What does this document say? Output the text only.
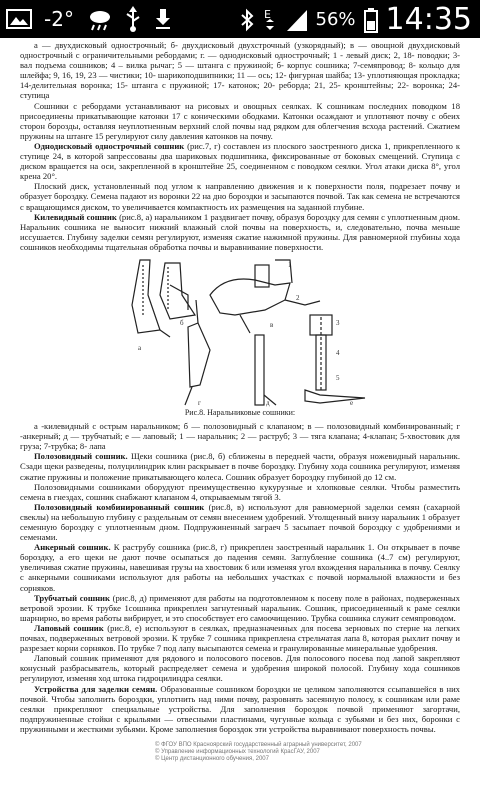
-2°	E	56% 14:35

а — двухдисковый однострочный; б- двухдисковый двухстрочный (узкорядный); в — овощной двухдисковый однострочный с ограничительными ребордами; г. — однодисковый однострочный; 1 - левый диск; 2, 18- поводки; 3- вал подъема сошников; 4 – вилка рычаг; 5 — штанга с пружиной; б- корпус сошника; 7-семяпровод; 8- кольцо для шлейфа; 9, 16, 19, 23 — чистики; 10- шарикоподшипники; 11 — ось; 12- фигурная шайба; 13- уплотняющая прокладка; 14-делительная воронка; 15- штанга с пружиной; 17- катонок; 20- реборда; 21, 25- кронштейны; 22- воронка; 24- ступица

Сошники с ребордами устанавливают на рисовых и овощных сеялках. К сошникам последних поводком 18 присоединены прикатывающие катонки 17 с коническими ободками. Катонки осаждают и уплотняют почву с обеих сторон борозды, оставляя неуплотненным верхний слой почвы над рядком для облегчения всхода растений. Сжатием пружины на штанге 15 регулируют силу давления катонков на почву.

Однодисковый однострочный сошник (рис.7, г) составлен из плоского заостренного диска 1, прикрепленного к ступице 24, в которой запрессованы два шариковых подшипника, фиксированные от боковых смещений. Ступица с диском вращается на оси, закрепленной в кронштейне 25, соединенном с поводком сеялки. Угол атаки диска 8°, угол крена 20°.

Плоский диск, установленный под углом к направлению движения и к поверхности поля, подрезает почву и образует бороздку. Семена падают из воронки 22 на дно бороздки и засыпаются почвой. Так как семена не встречаются с вращающимся диском, то увеличивается компактность их размещения на заданной глубине.

Килевидный сошник (рис.8, а) наральником 1 раздвигает почву, образуя бороздку для семян с уплотненным дном. Наральник сошника не выносит нижний влажный слой почвы на поверхность, и, следовательно, почва меньше иссушается. Глубину заделки семян регулируют, изменяя сжатие нажимной пружины. Для равномерной глубины хода сошников необходимы тщательная обработка почвы и выравнивание поверхности.

a
б	в
г	д	е
1
2
3
4
5
Рис.8. Наральниковые сошники:

а -килевидный с острым наральником; б — полозовидный с клапаном; в — полозовидный комбинированный; г -анкерный; д — трубчатый; е — лаповый; 1 — наральник; 2 — раструб; 3 — тяга клапана; 4-клапан; 5-хвостовик для груза; 7-трубка; 8- лапа

Полозовидный сошник. Щеки сошника (рис.8, б) сближены в передней части, образуя ножевидный наральник. Сзади щеки разведены, полуцилиндрик клин раскрывает в почве бороздку. Глубину хода сошника регулируют, изменяя сжатие пружины и положение прикатывающего колеса. Сошник образует бороздку глубиной до 12 см.

Полозовидными сошниками оборудуют преимущественно кукурузные и хлопковые сеялки. Чтобы разместить семена в гнездах, сошник снабжают клапаном 4, открываемым тягой 3.

Полозовидный комбинированный сошник (рис.8, в) используют для равномерной заделки семян (сахарной свеклы) на небольшую глубину с раздельным от семян внесением удобрений. Утолщенный внизу наральник 1 образует семенную бороздку с уплотненным дном. Подпружиненный заграеч 5 засыпает почвой бороздку с удобрениями и семенами.

Анкерный сошник. К раструбу сошника (рис.8, г) прикреплен заостренный наральник 1. Он открывает в почве бороздку, а его щеки не дают почве осыпаться до падения семян. Заглубление сошника (4..7 см) регулируют, увеличивая сжатие пружины, навешивая грузы на хвостовик 6 или изменяя угол вхождения наральника в почву. Сеялку с анкерными сошниками используют для работы на небольших участках с почвой нормальной влажности и без сорняков.

Трубчатый сошник (рис.8, д) применяют для работы на подготовленном к посеву поле в районах, подверженных ветровой эрозии. К трубке 1сошника прикреплен загнутенный наральник. Сошник, присоединенный к раме сеялки шарнирно, во время работы вибрирует, и это способствует его самоочищению. Трубка сошника служит семяпроводом.

Лаповый сошник (рис.8, е) используют в сеялках, предназначенных для посева зерновых по стерне на легких почвах, подверженных ветровой эрозии. К трубке 7 сошника прикреплена стрельчатая лапа 8, которая рыхлит почву и разрезает корни сорняков. По трубке 7 под лапу высыпаются семена и гранулированные минеральные удобрения.

Лаповый сошник применяют для рядового и полосового посевов. Для полосового посева под лапой закрепляют конусный разбрасыватель, который распределяет семена и удобрения широкой полосой. Глубину хода сошников регулируют, изменяя ход штока гидроцилиндра сеялки.

Устройства для заделки семян. Образованные сошником бороздки не целиком заполняются ссыпавшейся в них почвой. Чтобы заполнить бороздки, уплотнить над ними почву, разровнять засеянную полосу, к сошникам или раме сеялки прикрепляют специальные устройства. Для заполнения бороздок почвой применяют загортачи, подпружиненные стойки с крыльями — отвесными пластинами, чугунные кольца с зубьями и без них, боронки с пружинными и жесткими зубьями. Кроме заполнения бороздок эти устройства выравнивают поверхность почвы.

© ФГОУ ВПО Красноярский государственный аграрный университет, 2007
© Управление информационных технологий КрасГАУ, 2007
© Центр дистанционного обучения, 2007
